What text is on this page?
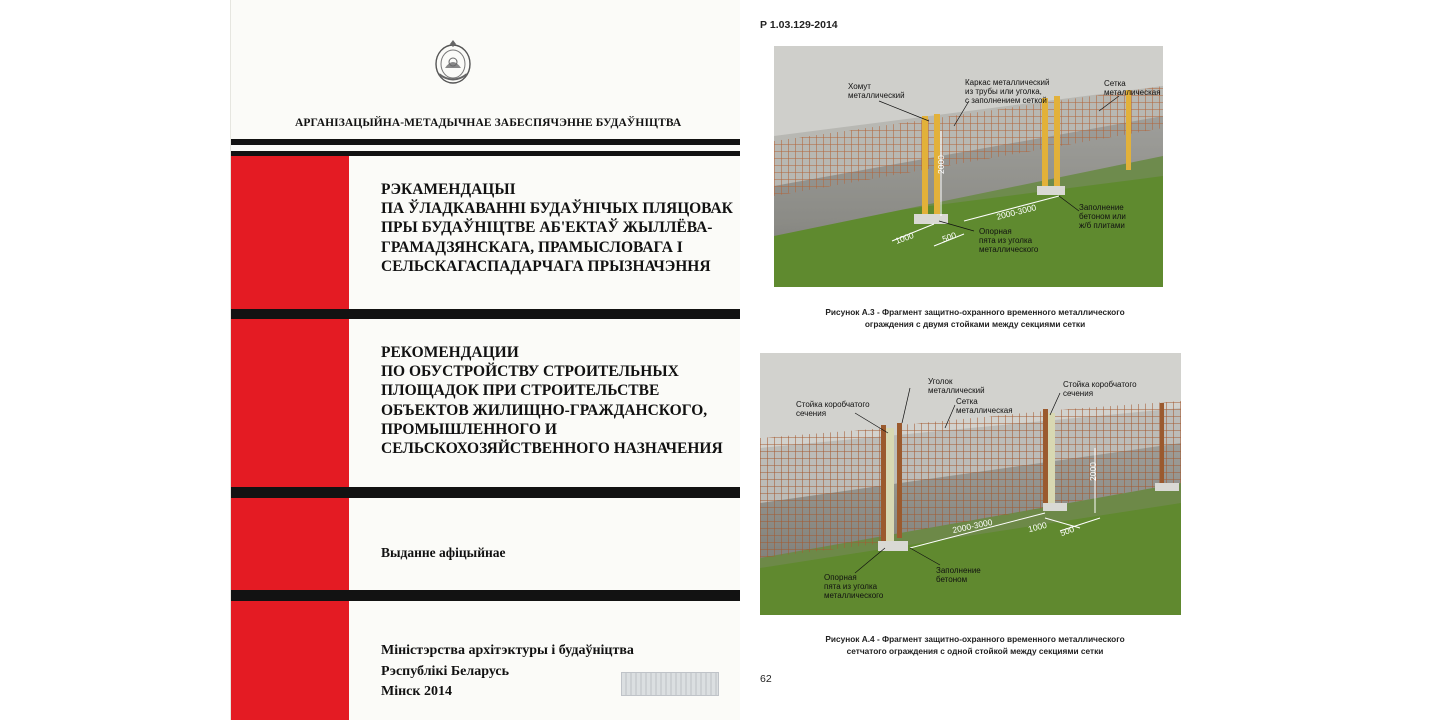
АРГАНІЗАЦЫЙНА-МЕТАДЫЧНАЕ ЗАБЕСПЯЧЭННЕ БУДАЎНІЦТВА
РЭКАМЕНДАЦЫІ
ПА ЎЛАДКАВАННІ БУДАЎНІЧЫХ ПЛЯЦОВАК
ПРЫ БУДАЎНІЦТВЕ АБ'ЕКТАЎ ЖЫЛЛЁВА-
ГРАМАДЗЯНСКАГА, ПРАМЫСЛОВАГА І
СЕЛЬСКАГАСПАДАРЧАГА ПРЫЗНАЧЭННЯ
РЕКОМЕНДАЦИИ
ПО ОБУСТРОЙСТВУ СТРОИТЕЛЬНЫХ
ПЛОЩАДОК ПРИ СТРОИТЕЛЬСТВЕ
ОБЪЕКТОВ ЖИЛИЩНО-ГРАЖДАНСКОГО,
ПРОМЫШЛЕННОГО И
СЕЛЬСКОХОЗЯЙСТВЕННОГО НАЗНАЧЕНИЯ
Выданне афіцыйнае
Міністэрства архітэктуры і будаўніцтва
Рэспублікі Беларусь
Мінск 2014
Р 1.03.129-2014
Хомут
металлический
Каркас металлический
из трубы или уголка,
с заполнением сеткой
Сетка
металлическая
Заполнение
бетоном или
ж/б плитами
Опорная
пята из уголка
металлического
2000
2000-3000
1000	500
Рисунок А.3 - Фрагмент защитно-охранного временного металлического
ограждения с двумя стойками между секциями сетки
Стойка коробчатого
сечения
Уголок
металлический
Сетка
металлическая
Стойка коробчатого
сечения
Опорная
пята из уголка
металлического
Заполнение
бетоном
2000
2000-3000	1000 500
Рисунок А.4 - Фрагмент защитно-охранного временного металлического
сетчатого ограждения с одной стойкой между секциями сетки
62
